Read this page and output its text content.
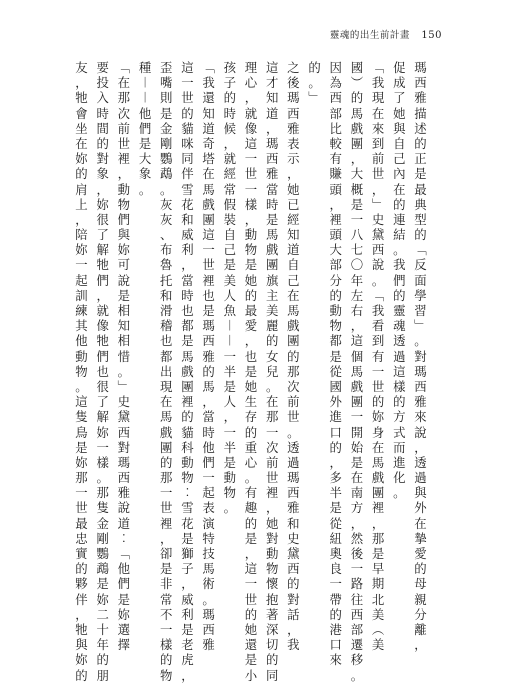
靈魂的出生前計畫 150
瑪
西
雅
描
述
的
正
是
最
典
型
的
﹁
反
面
學
習
﹂
。
對
瑪
西
雅
來
說
，
透
過
與
外
在
摯
愛
的
母
親
分
離
，
促
成
了
她
與
自
己
內
在
的
連
結
。
我
們
的
靈
魂
透
過
這
樣
的
方
式
而
進
化
。
﹁
我
現
在
來
到
前
世
，
﹂
史
黛
西
說
。
﹁
我
看
到
有
一
世
的
妳
身
在
馬
戲
團
裡
，
那
是
早
期
北
美
︵
美
國
︶
的
馬
戲
團
，
大
概
是
一
八
七
〇
年
左
右
，
這
個
馬
戲
團
一
開
始
是
在
南
方
，
然
後
一
路
往
西
部
遷
移
。
因
為
西
部
比
較
有
賺
頭
，
裡
頭
大
部
分
的
動
物
都
是
從
國
外
進
口
的
，
多
半
是
從
紐
奧
良
一
帶
的
港
口
來
的
。
﹂
之
後
瑪
西
雅
表
示
，
她
已
經
知
道
自
己
在
馬
戲
團
的
那
次
前
世
。
透
過
瑪
西
雅
和
史
黛
西
的
對
話
，
我
這
才
知
道
，
瑪
西
雅
當
時
是
馬
戲
團
旗
主
美
麗
的
女
兒
。
在
那
一
次
前
世
裡
，
她
對
動
物
懷
抱
著
深
切
的
同
理
心
，
就
像
這
一
世
一
樣
，
動
物
是
她
的
最
愛
，
也
是
她
生
存
的
重
心
。
有
趣
的
是
，
這
一
世
的
她
還
是
小
孩
子
的
時
候
，
就
經
常
假
裝
自
己
是
美
人
魚
︱
︱
一
半
是
人
，
一
半
是
動
物
。
﹁
我
還
知
道
奇
塔
在
馬
戲
團
這
一
世
裡
也
是
瑪
西
雅
的
馬
，
當
時
他
們
一
起
表
演
特
技
馬
術
。
瑪
西
雅
這
一
世
的
貓
咪
同
伴
雪
花
和
威
利
，
當
時
也
都
是
馬
戲
團
裡
的
貓
科
動
物
︰
雪
花
是
獅
子
，
威
利
是
老
虎
，
歪
嘴
則
是
金
剛
鸚
鵡
。
灰
灰
、
布
魯
托
和
滑
稽
也
都
出
現
在
馬
戲
團
的
那
一
世
裡
，
卻
是
非
常
不
一
樣
的
物
種
︱
︱
他
們
是
大
象
。
﹁
在
那
次
前
世
裡
，
動
物
們
與
妳
可
說
是
相
知
相
惜
。
﹂
史
黛
西
對
瑪
西
雅
說
道
︰
﹁
他
們
是
妳
選
擇
要
投
入
時
間
的
對
象
，
妳
很
了
解
牠
們
，
就
像
牠
們
也
很
了
解
妳
一
樣
。
那
隻
金
剛
鸚
鵡
是
妳
二
十
年
的
朋
友
，
牠
會
坐
在
妳
的
肩
上
，
陪
妳
一
起
訓
練
其
他
動
物
。
這
隻
鳥
是
妳
那
一
世
最
忠
實
的
夥
伴
，
牠
與
妳
的
